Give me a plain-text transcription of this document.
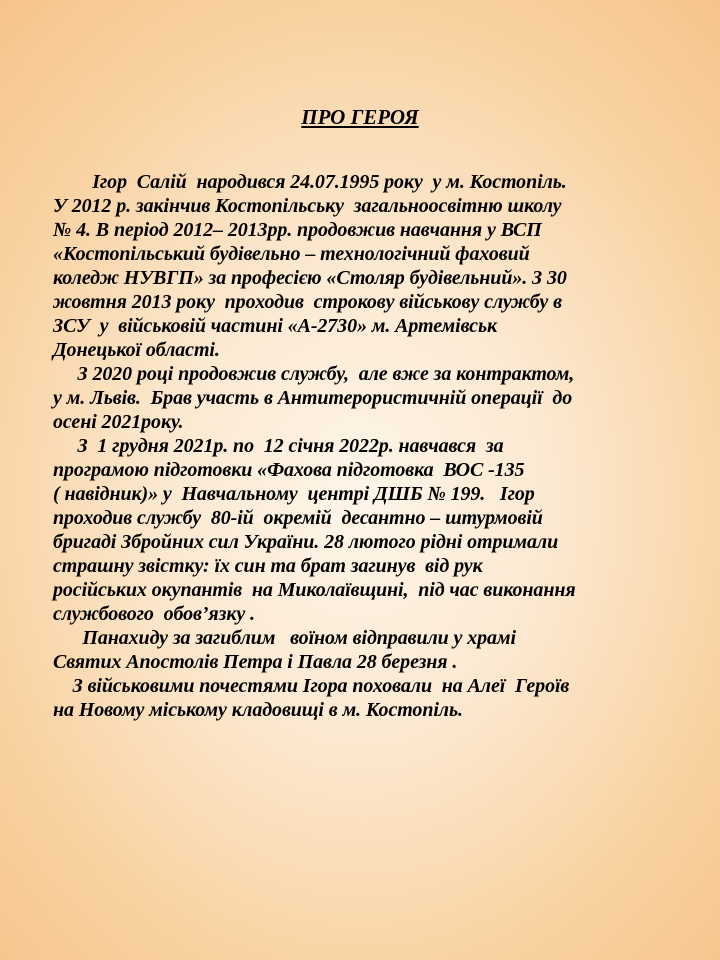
ПРО ГЕРОЯ
Ігор  Салій  народився 24.07.1995 року  у м. Костопіль.
У 2012 р. закінчив Костопільську  загальноосвітню школу
№ 4. В період 2012– 2013рр. продовжив навчання у ВСП
«Костопільський будівельно – технологічний фаховий
коледж НУВГП» за професією «Столяр будівельний». З 30
жовтня 2013 року  проходив  строкову військову службу в
ЗСУ  у  військовій частині «А-2730» м. Артемівськ
Донецької області.
З 2020 році продовжив службу,  але вже за контрактом,
у м. Львів.  Брав участь в Антитерористичній операції  до
осені 2021року.
З  1 грудня 2021р. по  12 січня 2022р. навчався  за
програмою підготовки «Фахова підготовка  ВОС -135
( навідник)» у  Навчальному  центрі ДШБ № 199.   Ігор
проходив службу  80-ій  окремій  десантно – штурмовій
бригаді Збройних сил України. 28 лютого рідні отримали
страшну звістку: їх син та брат загинув  від рук
російських окупантів  на Миколаївщині,  під час виконання
службового  обов’язку .
Панахиду за загиблим   воїном відправили у храмі
Святих Апостолів Петра і Павла 28 березня .
З військовими почестями Ігора поховали  на Алеї  Героїв
на Новому міському кладовищі в м. Костопіль.
